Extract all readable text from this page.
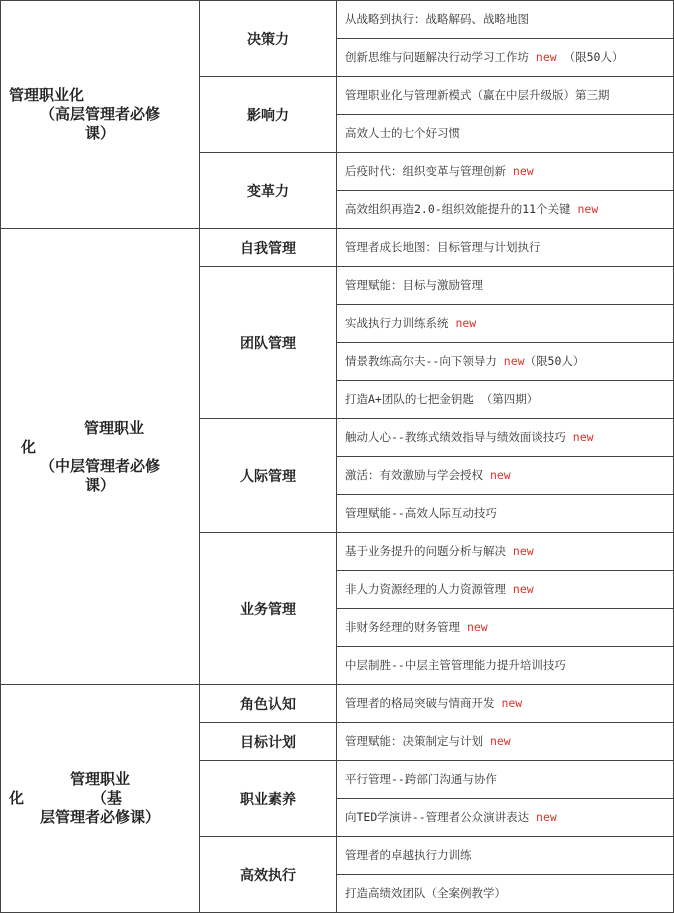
管理职业化
（高层管理者必修
课）	决策力	从战略到执行：战略解码、战略地图
		创新思维与问题解决行动学习工作坊 new （限50人）
	影响力	管理职业化与管理新模式（赢在中层升级版）第三期
		高效人士的七个好习惯
	变革力	后疫时代：组织变革与管理创新 new
		高效组织再造2.0-组织效能提升的11个关键 new

管理职业
化
（中层管理者必修
课）	自我管理	管理者成长地图：目标管理与计划执行
	团队管理	管理赋能：目标与激励管理
		实战执行力训练系统 new
		情景教练高尔夫--向下领导力 new（限50人）
		打造A+团队的七把金钥匙 （第四期）
	人际管理	触动人心--教练式绩效指导与绩效面谈技巧 new
		激活：有效激励与学会授权 new
		管理赋能--高效人际互动技巧
	业务管理	基于业务提升的问题分析与解决 new
		非人力资源经理的人力资源管理 new
		非财务经理的财务管理 new
		中层制胜--中层主管管理能力提升培训技巧

管理职业
化             （基
层管理者必修课）	角色认知	管理者的格局突破与情商开发 new
	目标计划	管理赋能：决策制定与计划 new
	职业素养	平行管理--跨部门沟通与协作
		向TED学演讲--管理者公众演讲表达 new
	高效执行	管理者的卓越执行力训练
		打造高绩效团队（全案例教学）
